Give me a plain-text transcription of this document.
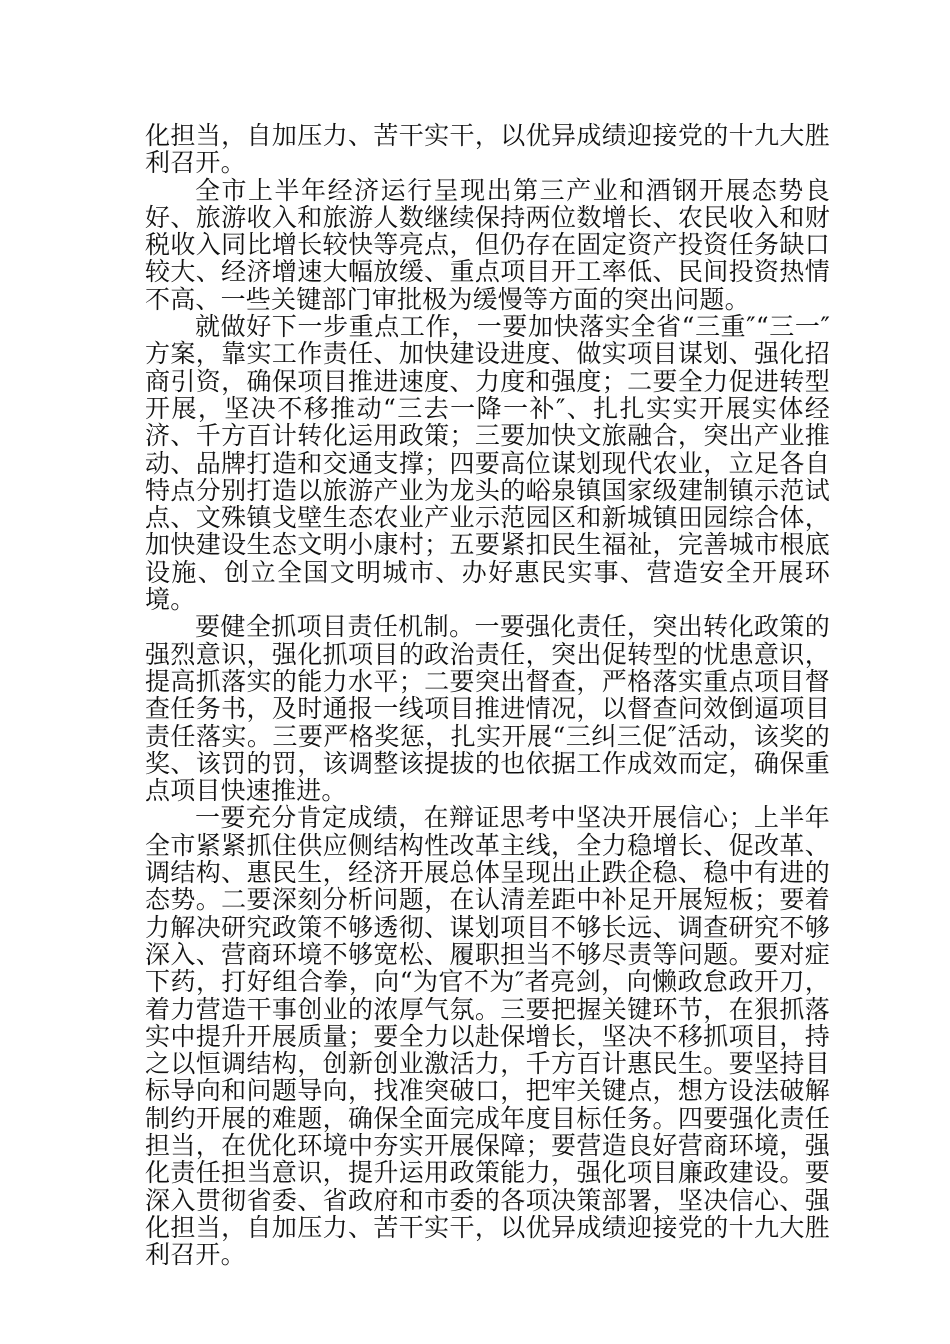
化担当，自加压力、苦干实干，以优异成绩迎接党的十九大胜利召开。

全市上半年经济运行呈现出第三产业和酒钢开展态势良好、旅游收入和旅游人数继续保持两位数增长、农民收入和财税收入同比增长较快等亮点，但仍存在固定资产投资任务缺口较大、经济增速大幅放缓、重点项目开工率低、民间投资热情不高、一些关键部门审批极为缓慢等方面的突出问题。

就做好下一步重点工作，一要加快落实全省“三重″“三一″方案，靠实工作责任、加快建设进度、做实项目谋划、强化招商引资，确保项目推进速度、力度和强度；二要全力促进转型开展，坚决不移推动“三去一降一补″、扎扎实实开展实体经济、千方百计转化运用政策；三要加快文旅融合，突出产业推动、品牌打造和交通支撑；四要高位谋划现代农业，立足各自特点分别打造以旅游产业为龙头的峪泉镇国家级建制镇示范试点、文殊镇戈壁生态农业产业示范园区和新城镇田园综合体，加快建设生态文明小康村；五要紧扣民生福祉，完善城市根底设施、创立全国文明城市、办好惠民实事、营造安全开展环境。

要健全抓项目责任机制。一要强化责任，突出转化政策的强烈意识，强化抓项目的政治责任，突出促转型的忧患意识，提高抓落实的能力水平；二要突出督查，严格落实重点项目督查任务书，及时通报一线项目推进情况，以督查问效倒逼项目责任落实。三要严格奖惩，扎实开展“三纠三促″活动，该奖的奖、该罚的罚，该调整该提拔的也依据工作成效而定，确保重点项目快速推进。

一要充分肯定成绩，在辩证思考中坚决开展信心；上半年全市紧紧抓住供应侧结构性改革主线，全力稳增长、促改革、调结构、惠民生，经济开展总体呈现出止跌企稳、稳中有进的态势。二要深刻分析问题，在认清差距中补足开展短板；要着力解决研究政策不够透彻、谋划项目不够长远、调查研究不够深入、营商环境不够宽松、履职担当不够尽责等问题。要对症下药，打好组合拳，向“为官不为″者亮剑，向懒政怠政开刀，着力营造干事创业的浓厚气氛。三要把握关键环节，在狠抓落实中提升开展质量；要全力以赴保增长，坚决不移抓项目，持之以恒调结构，创新创业激活力，千方百计惠民生。要坚持目标导向和问题导向，找准突破口，把牢关键点，想方设法破解制约开展的难题，确保全面完成年度目标任务。四要强化责任担当，在优化环境中夯实开展保障；要营造良好营商环境，强化责任担当意识，提升运用政策能力，强化项目廉政建设。要深入贯彻省委、省政府和市委的各项决策部署，坚决信心、强化担当，自加压力、苦干实干，以优异成绩迎接党的十九大胜利召开。
